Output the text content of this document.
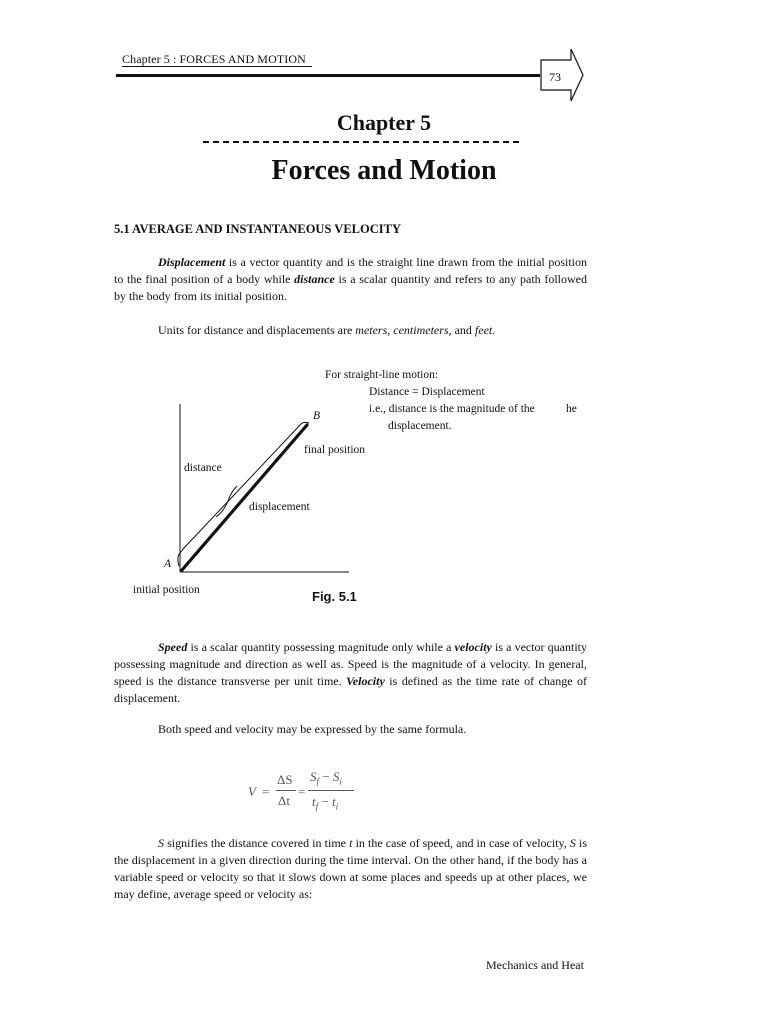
Chapter 5 : FORCES AND MOTION
73
Chapter 5
Forces and Motion
5.1 AVERAGE AND INSTANTANEOUS VELOCITY
Displacement is a vector quantity and is the straight line drawn from the initial position to the final position of a body while distance is a scalar quantity and refers to any path followed by the body from its initial position.
Units for distance and displacements are meters, centimeters, and feet.
For straight-line motion:
Distance = Displacement
i.e., distance is the magnitude of the	he
displacement.
B
A
final position
distance
displacement
initial position	Fig. 5.1
Speed is a scalar quantity possessing magnitude only while a velocity is a vector quantity possessing magnitude and direction as well as. Speed is the magnitude of a velocity. In general, speed is the distance transverse per unit time. Velocity is defined as the time rate of change of displacement.
Both speed and velocity may be expressed by the same formula.
V =
ΔS
Δt
=
$S_f - S_i$
$t_f - t_i$
S signifies the distance covered in time t in the case of speed, and in case of velocity, S is the displacement in a given direction during the time interval. On the other hand, if the body has a variable speed or velocity so that it slows down at some places and speeds up at other places, we may define, average speed or velocity as:
Mechanics and Heat
